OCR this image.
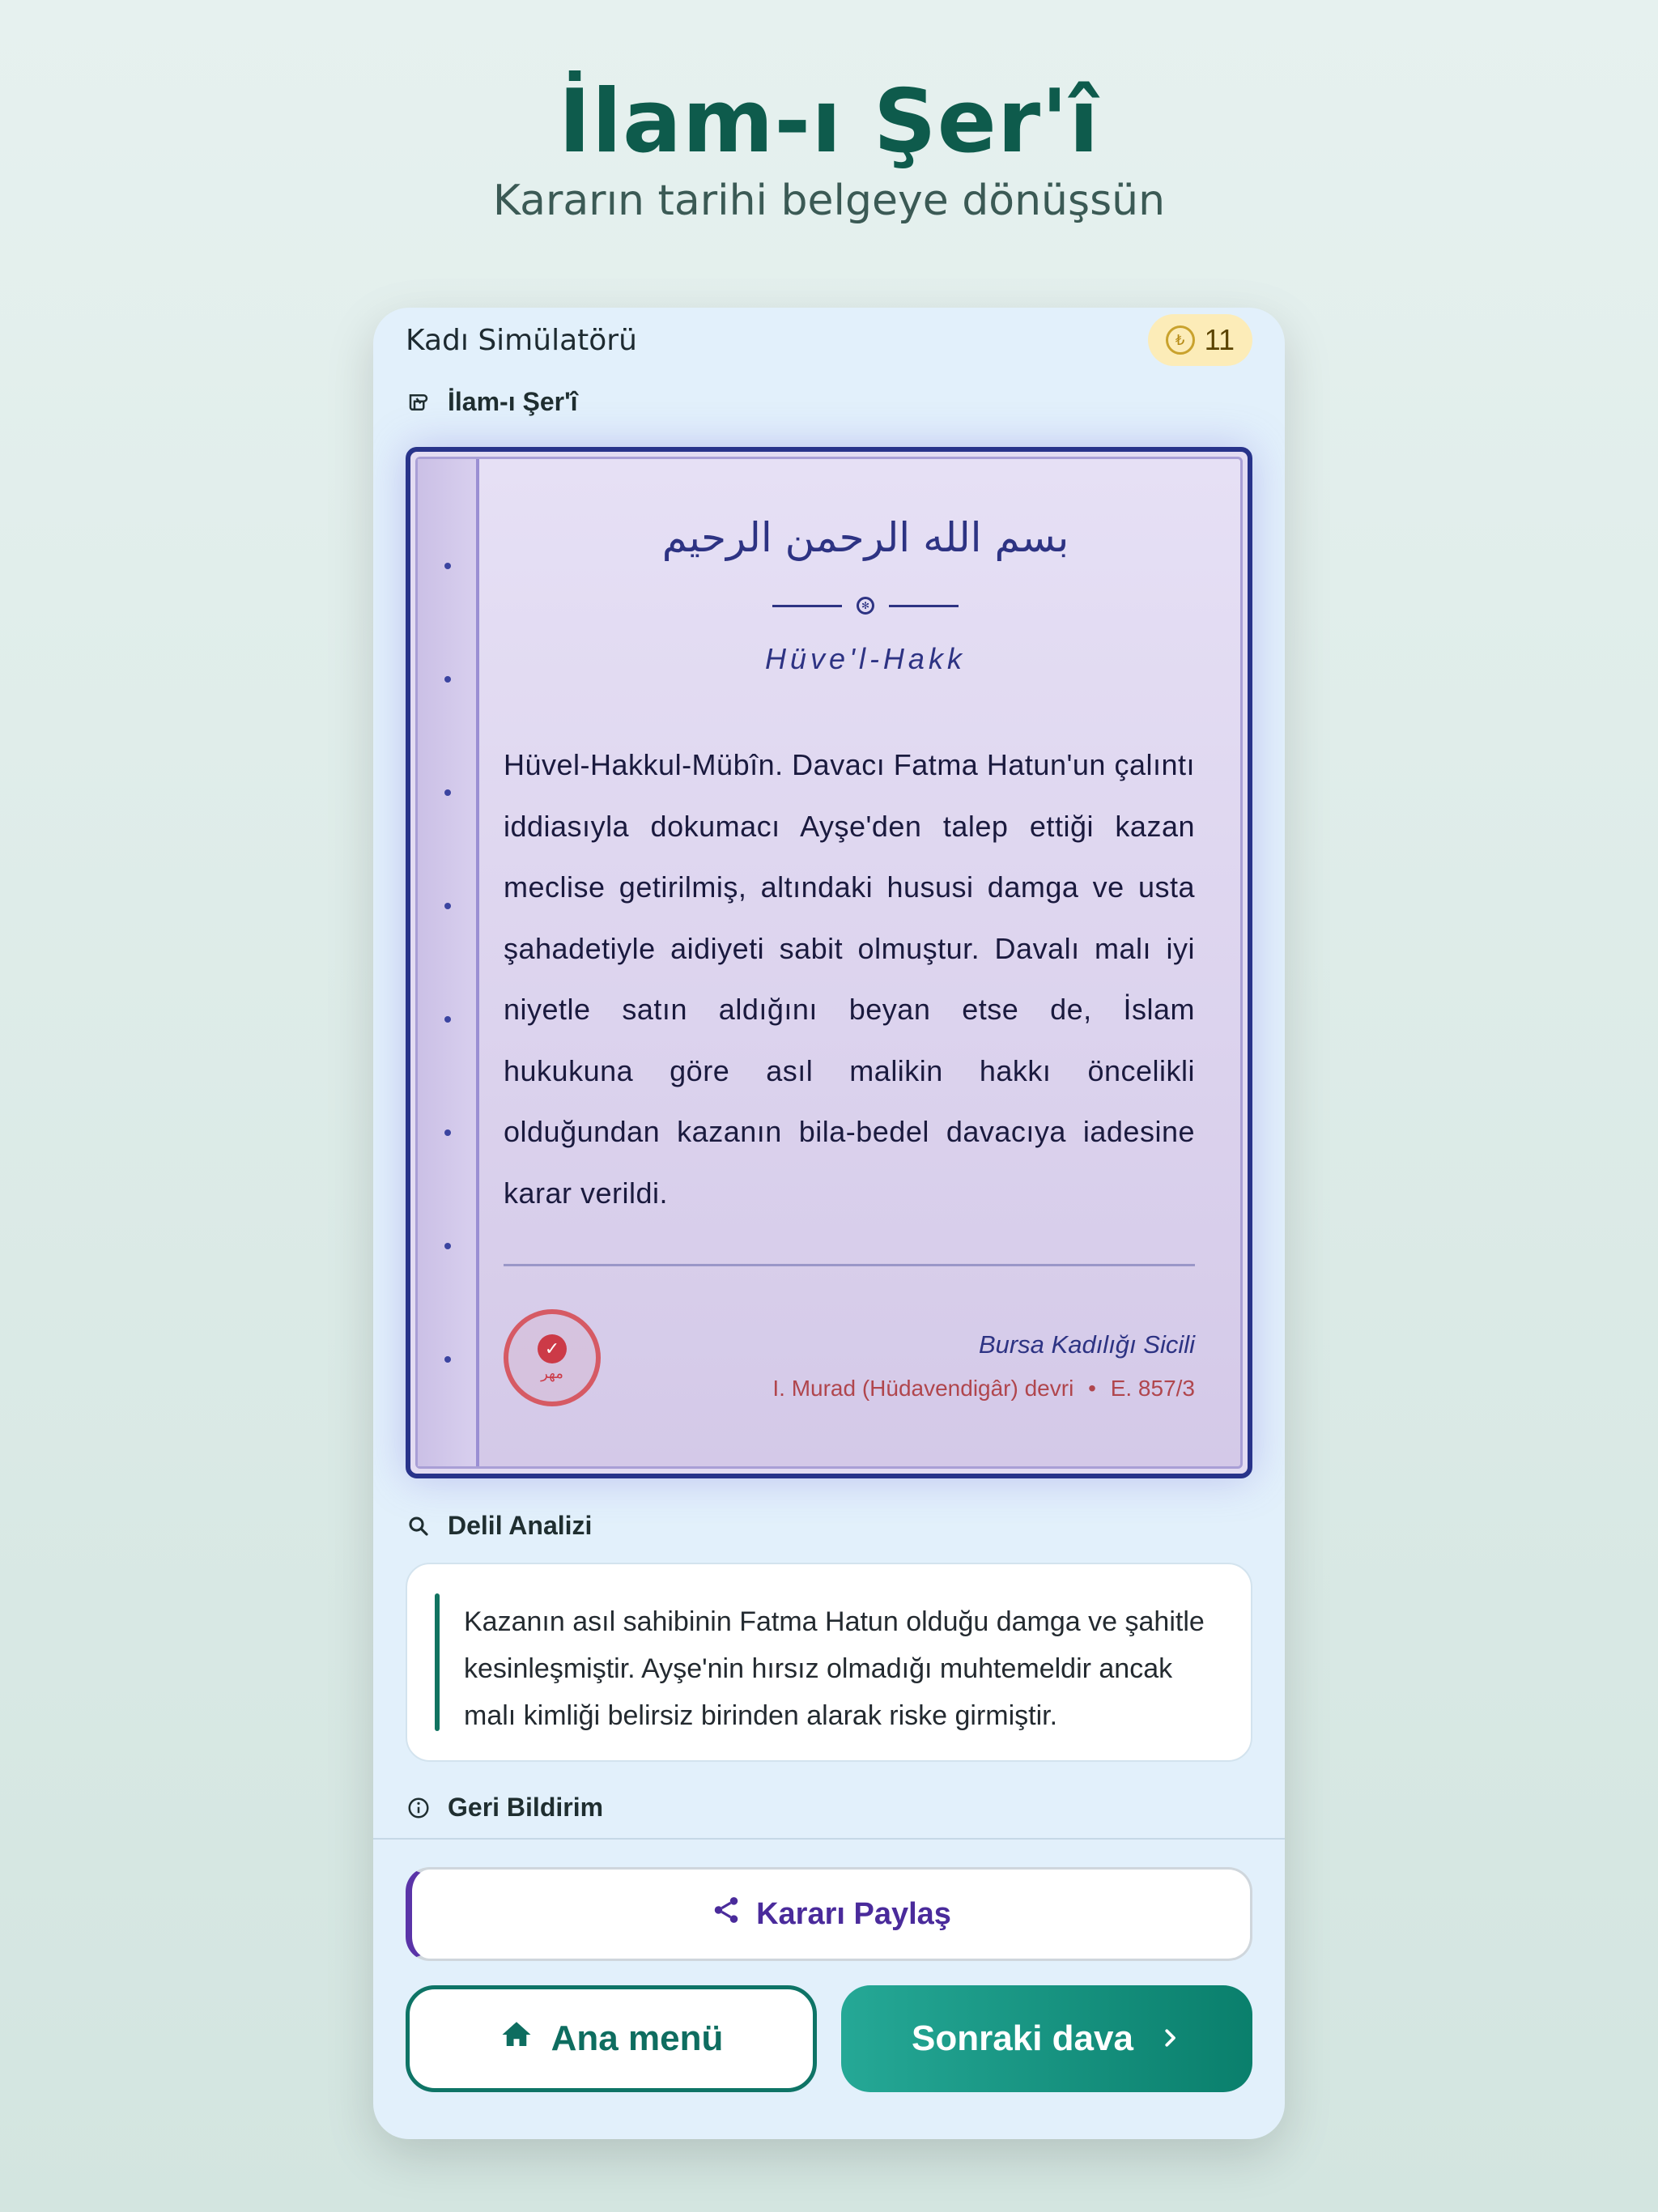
İlam-ı Şer'î
Kararın tarihi belgeye dönüşsün
Kadı Simülatörü	₺ 11
İlam-ı Şer'î
بسم الله الرحمن الرحيم
✻
Hüve'l-Hakk
Hüvel-Hakkul-Mübîn. Davacı Fatma Hatun'un çalıntı iddiasıyla dokumacı Ayşe'den talep ettiği kazan meclise getirilmiş, altındaki hususi damga ve usta şahadetiyle aidiyeti sabit olmuştur. Davalı malı iyi niyetle satın aldığını beyan etse de, İslam hukukuna göre asıl malikin hakkı öncelikli olduğundan kazanın bila-bedel davacıya iadesine karar verildi.
✓
مهر
Bursa Kadılığı Sicili
I. Murad (Hüdavendigâr) devri • E. 857/3
Delil Analizi
Kazanın asıl sahibinin Fatma Hatun olduğu damga ve şahitle kesinleşmiştir. Ayşe'nin hırsız olmadığı muhtemeldir ancak malı kimliği belirsiz birinden alarak riske girmiştir.
Geri Bildirim
Kararı Paylaş
Ana menü	Sonraki dava
